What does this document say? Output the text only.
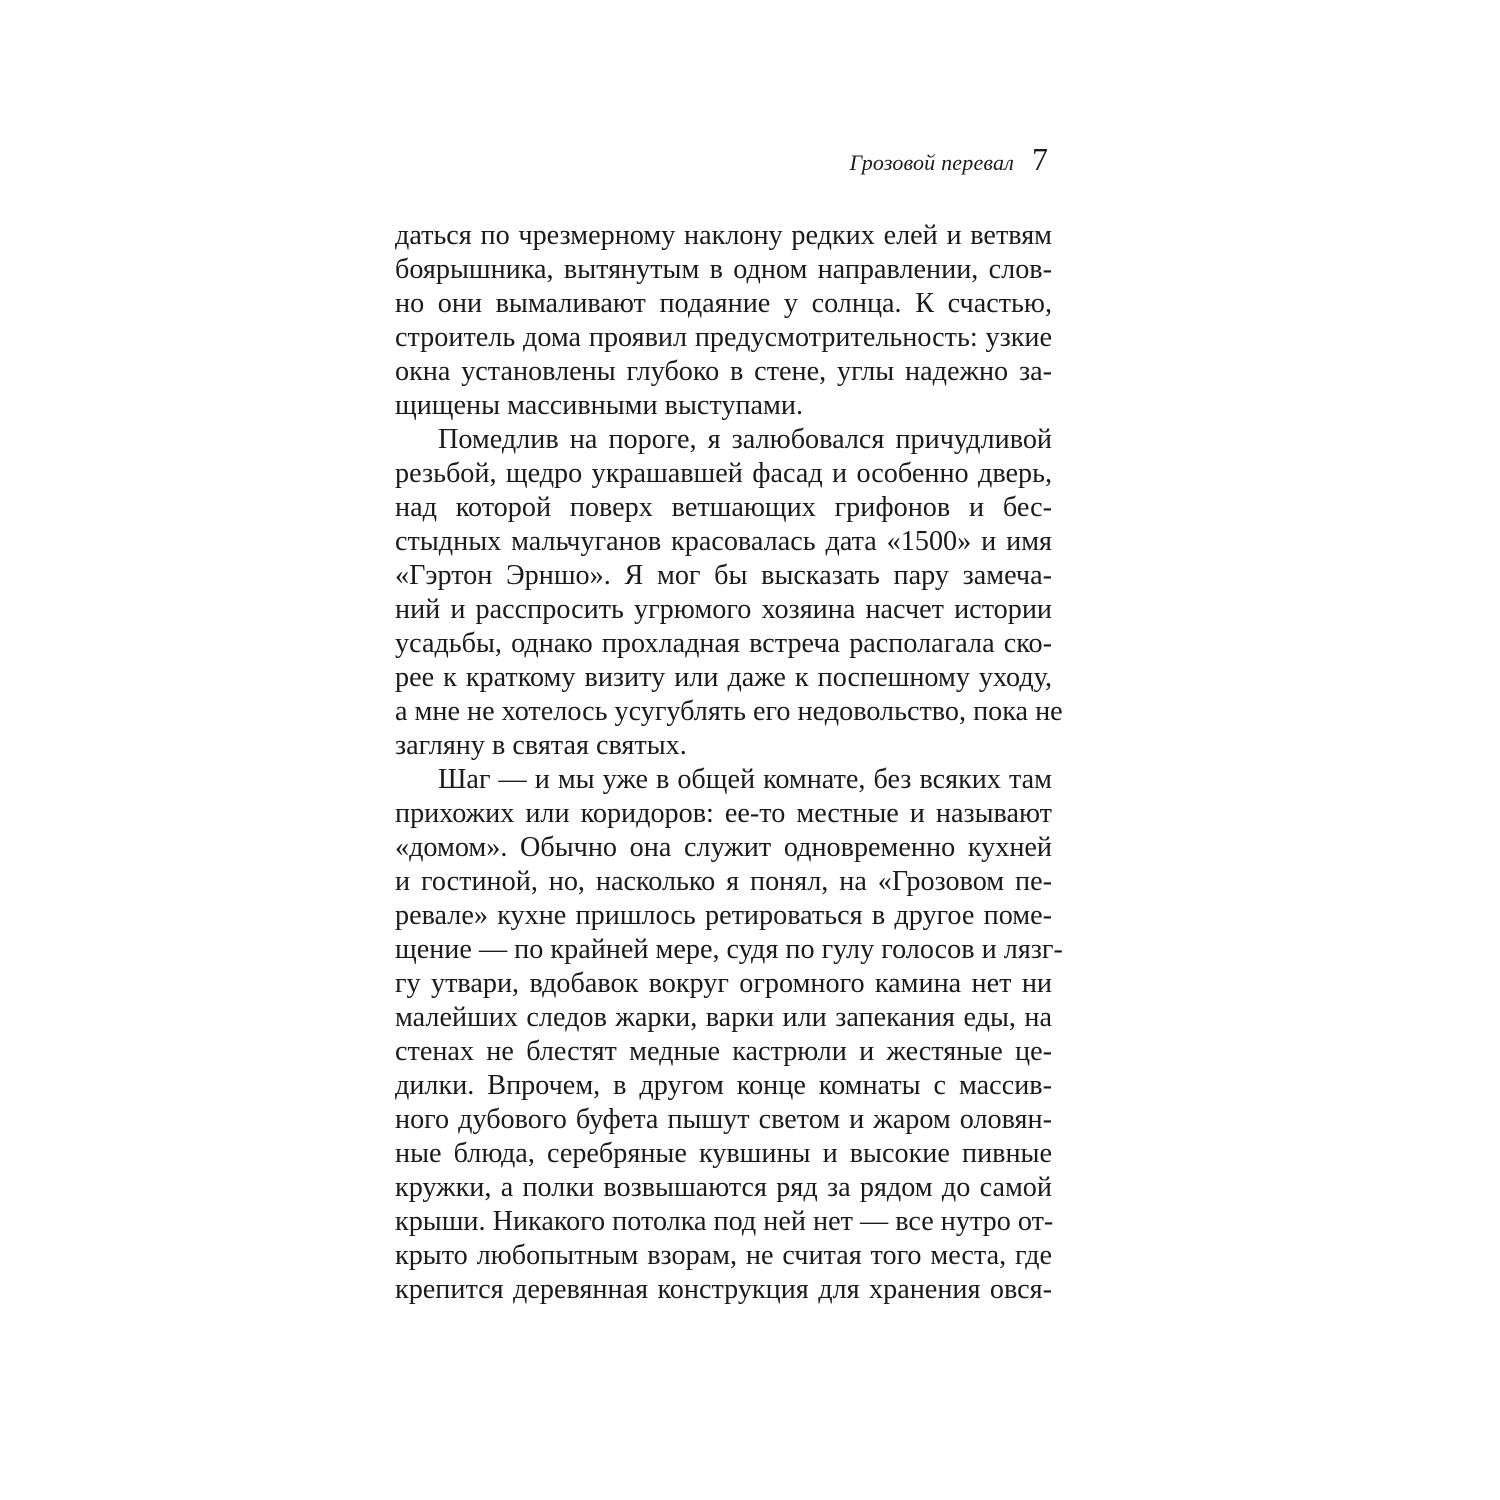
Грозовой перевал 7
даться по чрезмерному наклону редких елей и ветвям
боярышника, вытянутым в одном направлении, слов-
но они вымаливают подаяние у солнца. К счастью,
строитель дома проявил предусмотрительность: узкие
окна установлены глубоко в стене, углы надежно за-
щищены массивными выступами.
Помедлив на пороге, я залюбовался причудливой
резьбой, щедро украшавшей фасад и особенно дверь,
над которой поверх ветшающих грифонов и бес-
стыдных мальчуганов красовалась дата «1500» и имя
«Гэртон Эрншо». Я мог бы высказать пару замеча-
ний и расспросить угрюмого хозяина насчет истории
усадьбы, однако прохладная встреча располагала ско-
рее к краткому визиту или даже к поспешному уходу,
а мне не хотелось усугублять его недовольство, пока не
загляну в святая святых.
Шаг — и мы уже в общей комнате, без всяких там
прихожих или коридоров: ее-то местные и называют
«домом». Обычно она служит одновременно кухней
и гостиной, но, насколько я понял, на «Грозовом пе-
ревале» кухне пришлось ретироваться в другое поме-
щение — по крайней мере, судя по гулу голосов и лязг-
гу утвари, вдобавок вокруг огромного камина нет ни
малейших следов жарки, варки или запекания еды, на
стенах не блестят медные кастрюли и жестяные це-
дилки. Впрочем, в другом конце комнаты с массив-
ного дубового буфета пышут светом и жаром оловян-
ные блюда, серебряные кувшины и высокие пивные
кружки, а полки возвышаются ряд за рядом до самой
крыши. Никакого потолка под ней нет — все нутро от-
крыто любопытным взорам, не считая того места, где
крепится деревянная конструкция для хранения овся-
